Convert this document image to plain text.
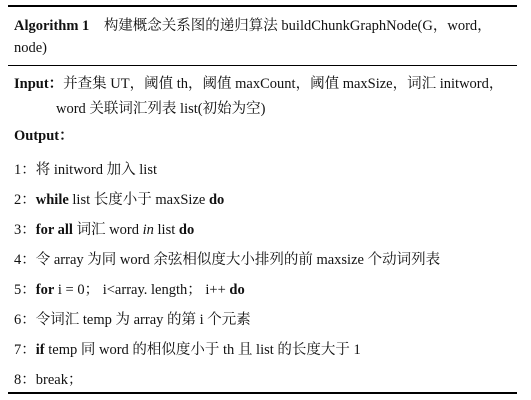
Algorithm 1 构建概念关系图的递归算法 buildChunkGraphNode(G，word，
node)
Input：并查集 UT，阈值 th，阈值 maxCount，阈值 maxSize，词汇 initword，
word 关联词汇列表 list(初始为空)
Output：
1：将 initword 加入 list
2：while list 长度小于 maxSize do
3：for all 词汇 word in list do
4：令 array 为同 word 余弦相似度大小排列的前 maxsize 个动词列表
5：for i = 0； i<array. length； i++ do
6：令词汇 temp 为 array 的第 i 个元素
7：if temp 同 word 的相似度小于 th 且 list 的长度大于 1
8：break；
